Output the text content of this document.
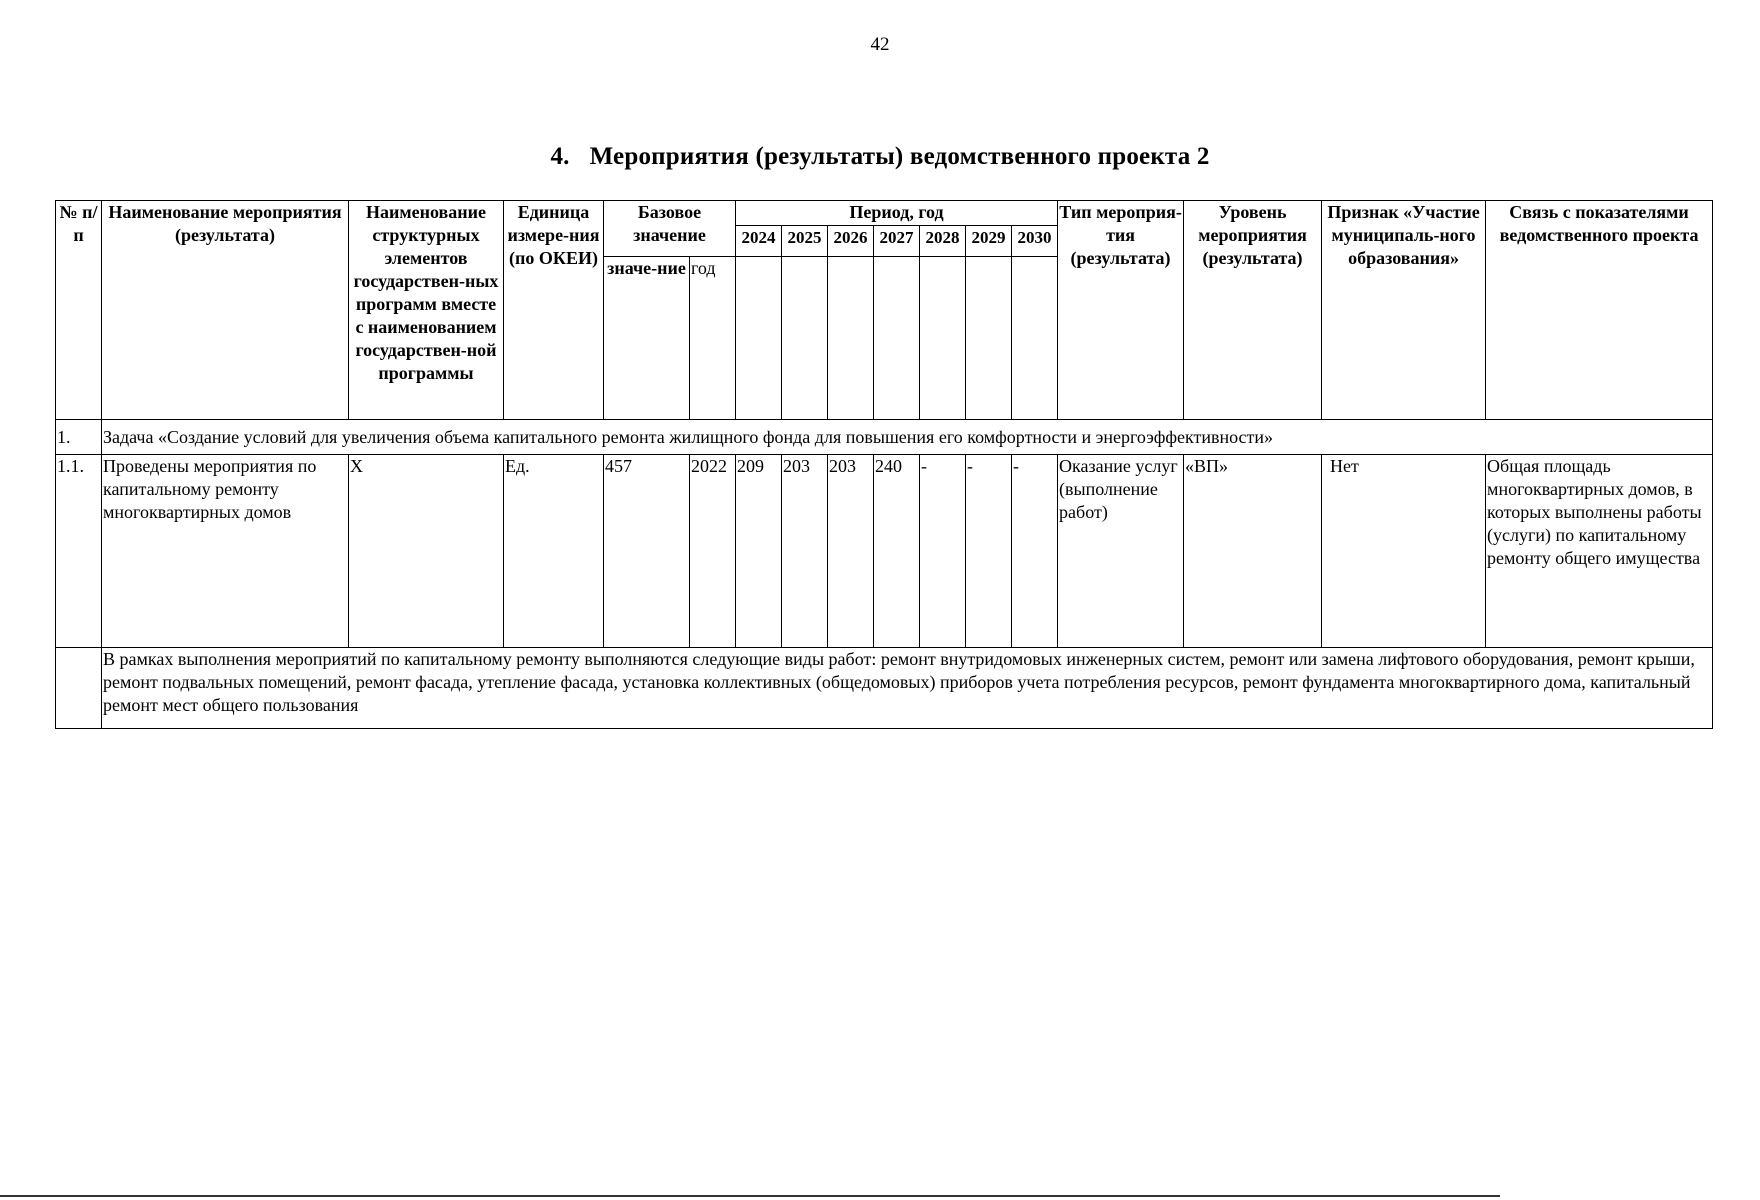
42
4. Мероприятия (результаты) ведомственного проекта 2
№ п/п	Наименование мероприятия (результата)	Наименование структурных элементов государствен-ных программ вместе с наименованием государствен-ной программы	Единица измере-ния (по ОКЕИ)	Базовое значение		Период, год							Тип мероприя-тия (результата)	Уровень мероприятия (результата)	Признак «Участие муниципаль-ного образования»	Связь с показателями ведомственного проекта
						2024	2025	2026	2027	2028	2029	2030				
				значе-ние	год											
1.	Задача «Создание условий для увеличения объема капитального ремонта жилищного фонда для повышения его комфортности и энергоэффективности»															
1.1.	Проведены мероприятия по капитальному ремонту многоквартирных домов	X	Ед.	457	2022	209	203	203	240	-	-	-	Оказание услуг (выполнение работ)	«ВП»	Нет	Общая площадь многоквартирных домов, в которых выполнены работы (услуги) по капитальному ремонту общего имущества
	В рамках выполнения мероприятий по капитальному ремонту выполняются следующие виды работ: ремонт внутридомовых инженерных систем, ремонт или замена лифтового оборудования, ремонт крыши, ремонт подвальных помещений, ремонт фасада, утепление фасада, установка коллективных (общедомовых) приборов учета потребления ресурсов, ремонт фундамента многоквартирного дома, капитальный ремонт мест общего пользования															
